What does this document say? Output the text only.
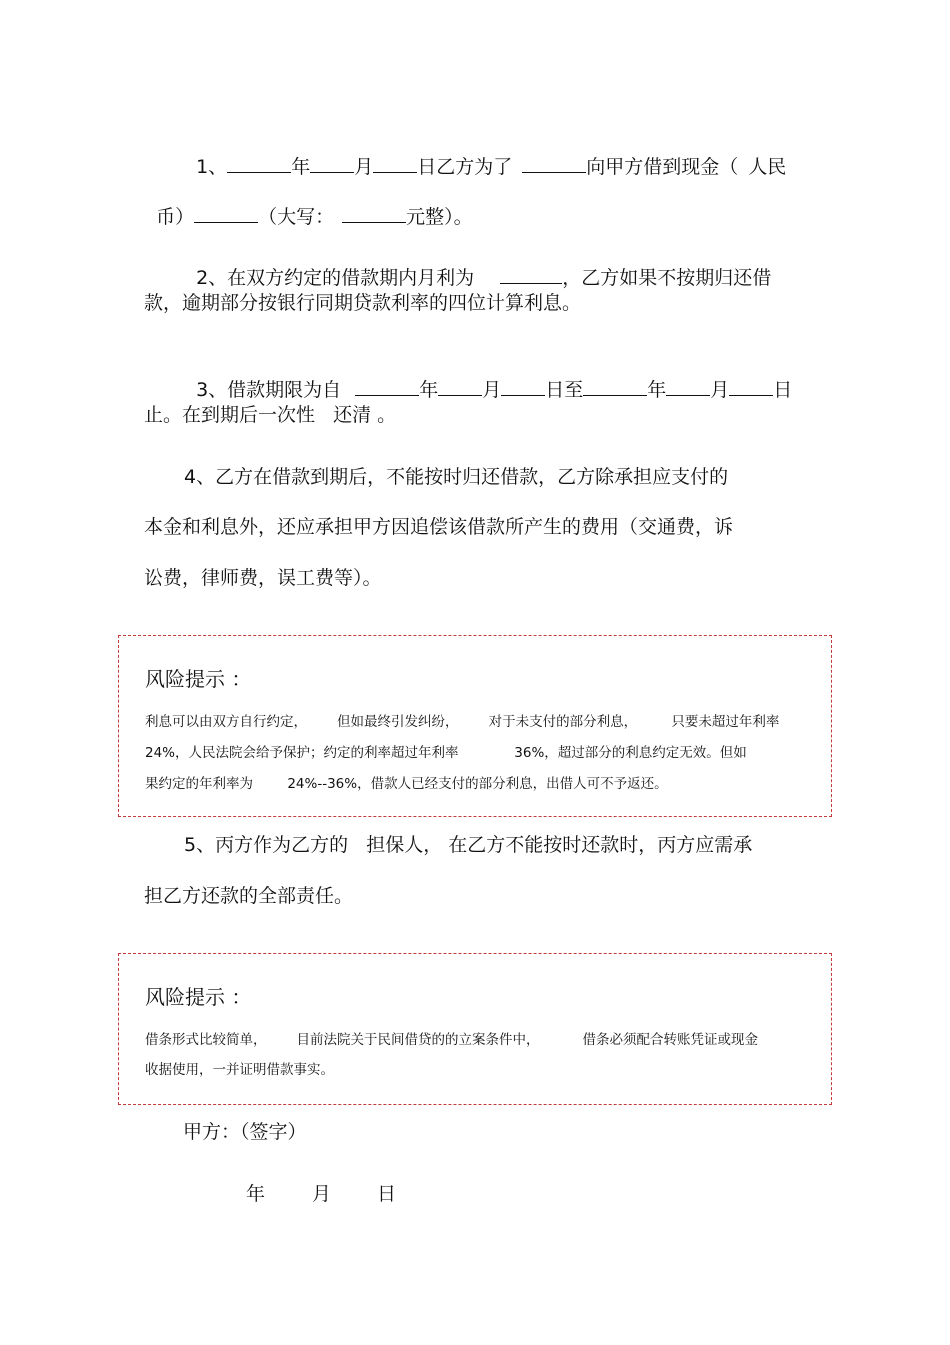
1、	年 月 日乙方为了	向甲方借到现金（ 人民

币）	（大写：	元整）。

2、在双方约定的借款期内月利为	，乙方如果不按期归还借

款，逾期部分按银行同期贷款利率的四位计算利息。

3、借款期限为自	年 月 日至	年 月 日

止。在到期后一次性   还清 。
4、乙方在借款到期后，不能按时归还借款，乙方除承担应支付的
本金和利息外，还应承担甲方因追偿该借款所产生的费用（交通费，诉
讼费，律师费，误工费等）。
风险提示 ：
利息可以由双方自行约定，       但如最终引发纠纷，       对于未支付的部分利息，        只要未超过年利率
24%，人民法院会给予保护；约定的利率超过年利率             36%，超过部分的利息约定无效。但如
果约定的年利率为        24%--36%，借款人已经支付的部分利息，出借人可不予返还。
5、丙方作为乙方的   担保人， 在乙方不能按时还款时，丙方应需承
担乙方还款的全部责任。
风险提示 ：
借条形式比较简单，       目前法院关于民间借贷的的立案条件中，          借条必须配合转账凭证或现金
收据使用，一并证明借款事实。
甲方：（签字）
年 月 日
